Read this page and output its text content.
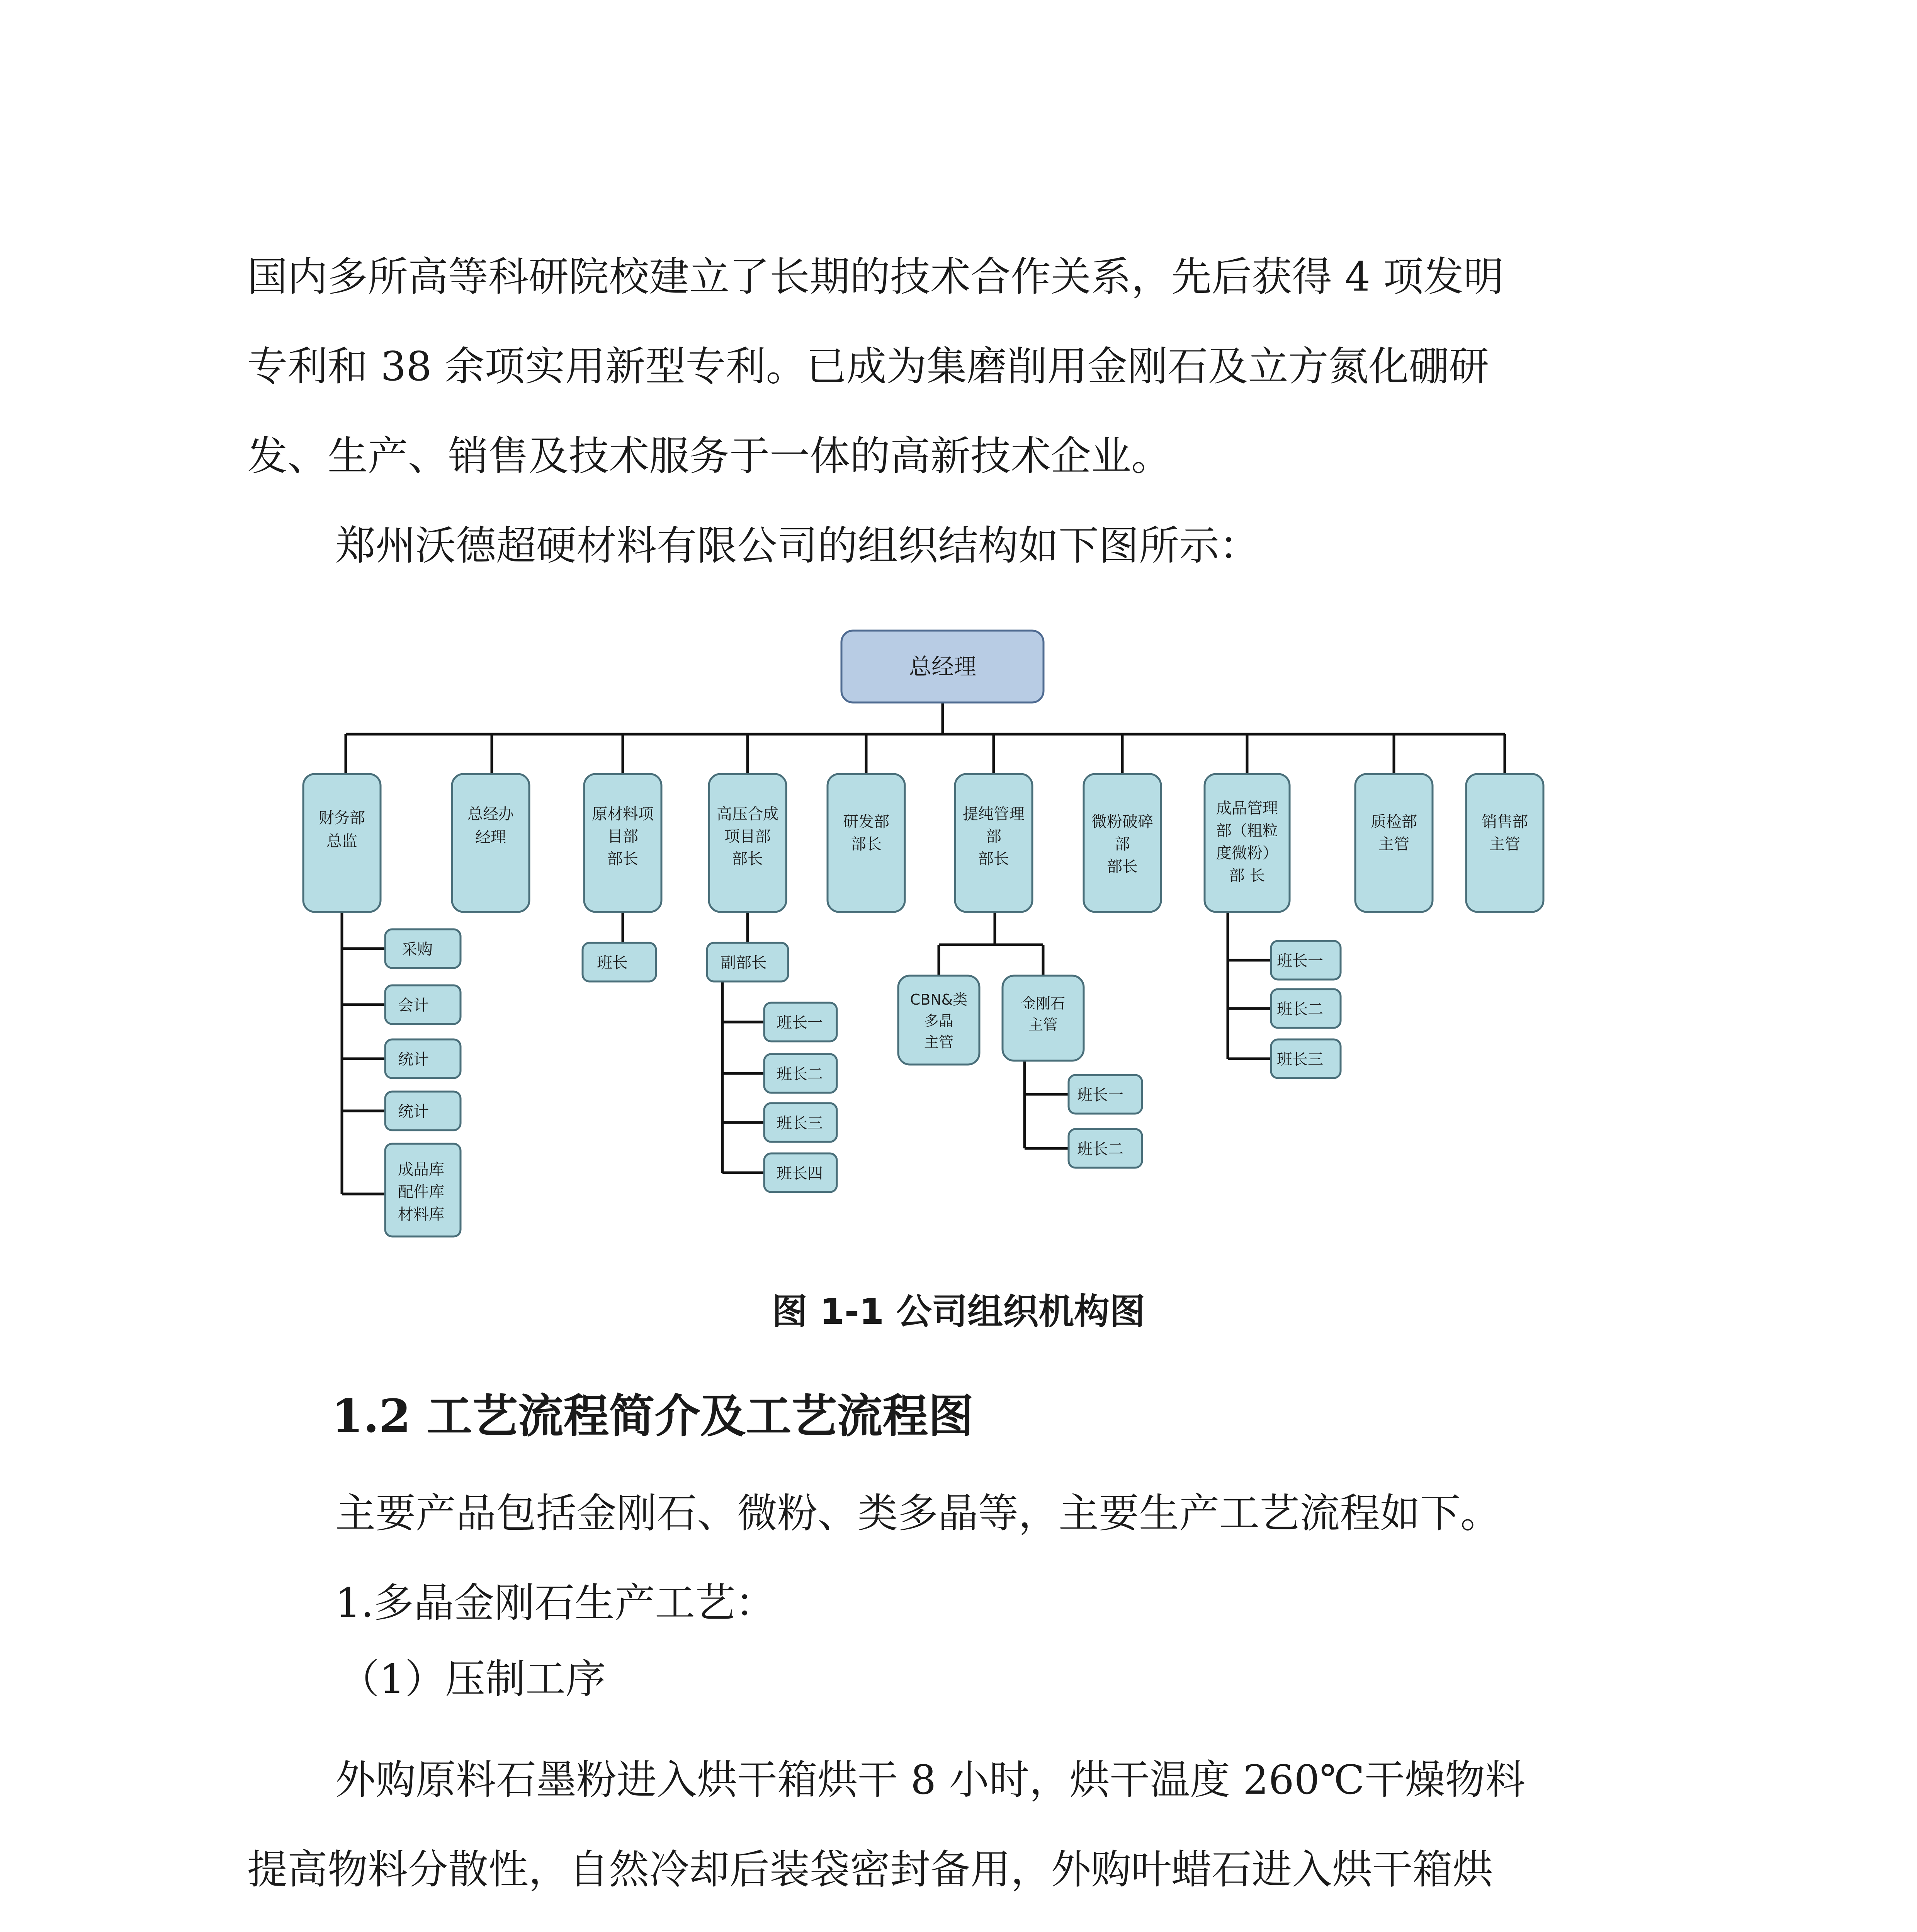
国内多所高等科研院校建立了长期的技术合作关系，先后获得 4 项发明
专利和 38 余项实用新型专利。已成为集磨削用金刚石及立方氮化硼研
发、生产、销售及技术服务于一体的高新技术企业。
郑州沃德超硬材料有限公司的组织结构如下图所示：
总经理
财务部
总监
总经办
经理
原材料项
目部
部长
高压合成
项目部
部长
研发部
部长
提纯管理
部
部长
微粉破碎
部
部长
成品管理
部（粗粒
度微粉）
部 长
质检部
主管
销售部
主管
采购
会计
统计
统计
成品库
配件库
材料库
班长	副部长
班长一
班长二
班长三
班长四
CBN&类
多晶
主管
金刚石
主管
班长一
班长二
班长一
班长二
班长三

图 1-1 公司组织机构图

1.2 工艺流程简介及工艺流程图
主要产品包括金刚石、微粉、类多晶等，主要生产工艺流程如下。
1.多晶金刚石生产工艺：

（1）压制工序

外购原料石墨粉进入烘干箱烘干 8 小时，烘干温度 260℃干燥物料
提高物料分散性，自然冷却后装袋密封备用，外购叶蜡石进入烘干箱烘
